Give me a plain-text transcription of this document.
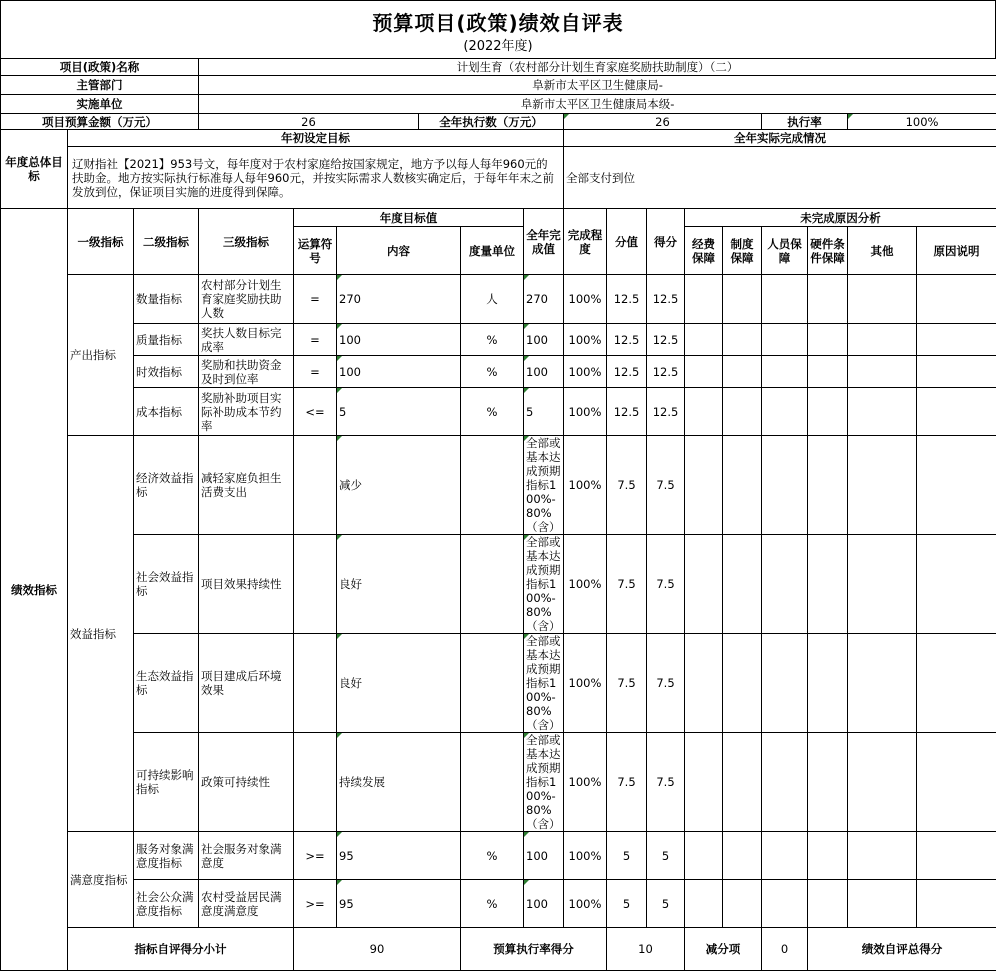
预算项目(政策)绩效自评表
(2022年度)
项目(政策)名称			计划生育（农村部分计划生育家庭奖励扶助制度）（二）															
主管部门			阜新市太平区卫生健康局-															
实施单位			阜新市太平区卫生健康局本级-															
项目预算金额（万元）			26			全年执行数（万元）			26					执行率		100%		
年度总体目标	年初设定目标								全年实际完成情况									
	辽财指社【2021】953号文，每年度对于农村家庭给按国家规定，地方予以每人每年960元的扶助金。地方按实际执行标准每人每年960元，并按实际需求人数核实确定后，于每年年末之前发放到位，保证项目实施的进度得到保障。								全部支付到位									
绩效指标	一级指标	二级指标	三级指标	年度目标值				全年完成值	完成程度	分值	得分	未完成原因分析	
				运算符号	内容		度量单位					经费保障	制度保障	人员保障	硬件条件保障	其他	原因说明	
	产出指标	数量指标	农村部分计划生育家庭奖励扶助人数	=	270		人	270	100%	12.5	12.5							
		质量指标	奖扶人数目标完成率	=	100		%	100	100%	12.5	12.5							
		时效指标	奖励和扶助资金及时到位率	=	100		%	100	100%	12.5	12.5							
		成本指标	奖励补助项目实际补助成本节约率	<=	5		%	5	100%	12.5	12.5							
	效益指标	经济效益指标	减轻家庭负担生活费支出		减少			全部或基本达成预期指标100%-80%（含）	100%	7.5	7.5							
		社会效益指标	项目效果持续性		良好			全部或基本达成预期指标100%-80%（含）	100%	7.5	7.5							
		生态效益指标	项目建成后环境效果		良好			全部或基本达成预期指标100%-80%（含）	100%	7.5	7.5							
		可持续影响指标	政策可持续性		持续发展			全部或基本达成预期指标100%-80%（含）	100%	7.5	7.5							
	满意度指标	服务对象满意度指标	社会服务对象满意度	>=	95		%	100	100%	5	5							
		社会公众满意度指标	农村受益居民满意度满意度	>=	95		%	100	100%	5	5							
	指标自评得分小计			90			预算执行率得分			10		减分项		0	绩效自评总得分	
